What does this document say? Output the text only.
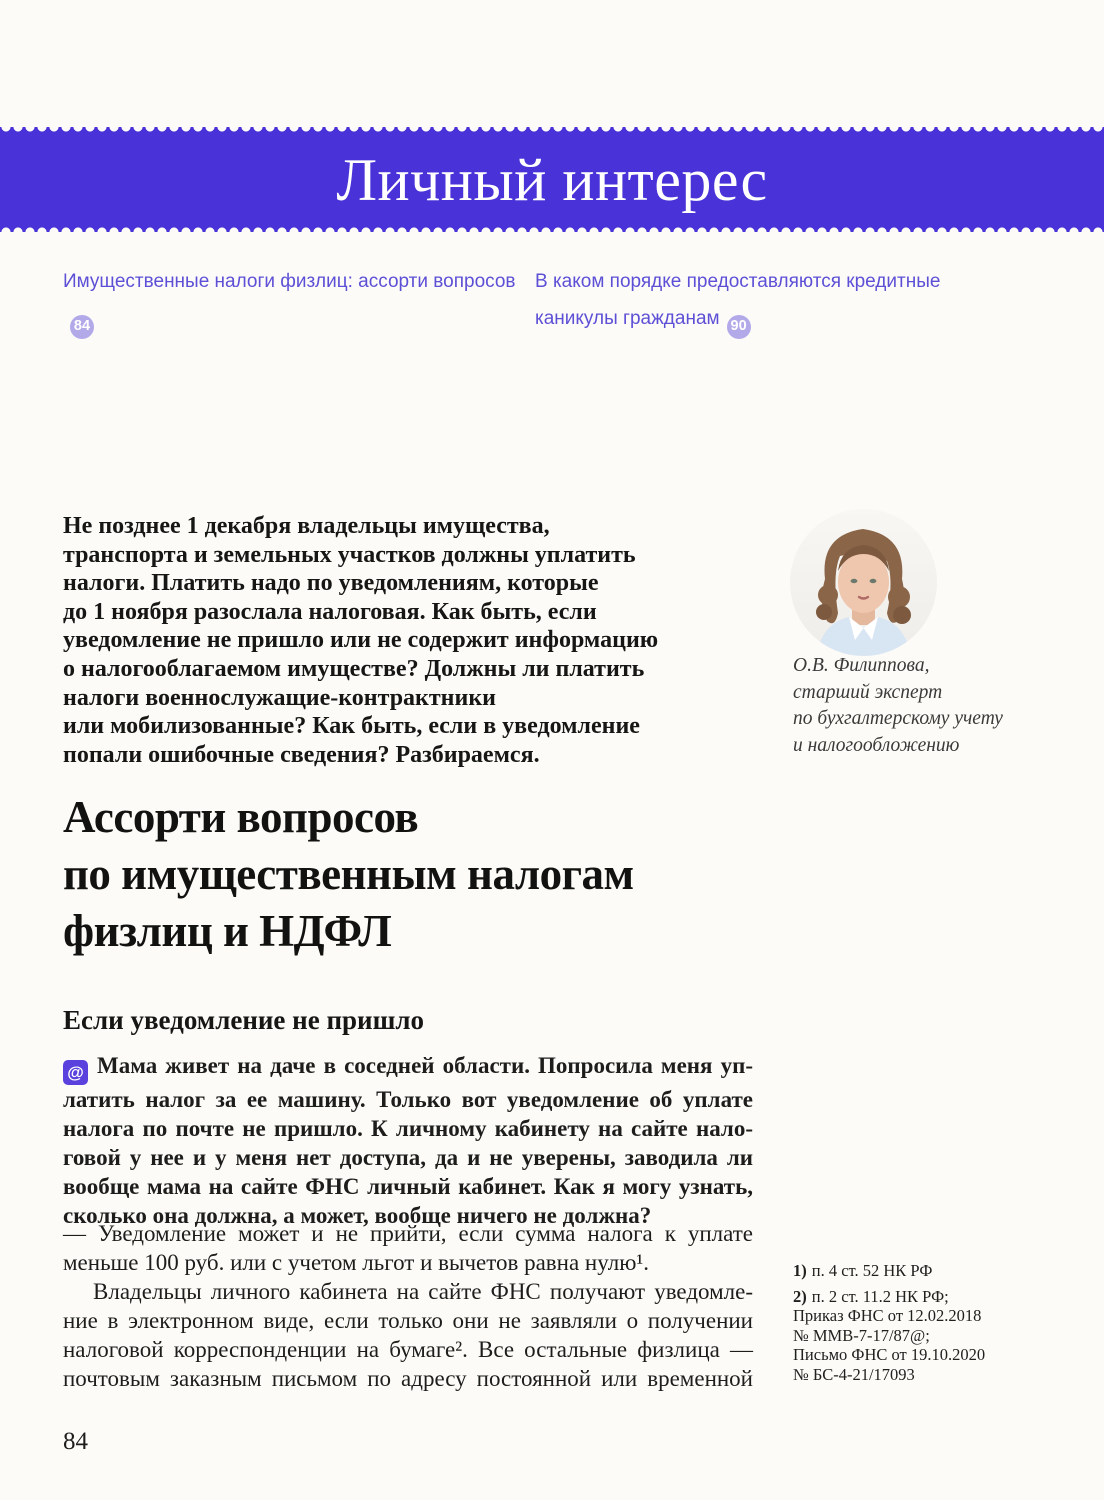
Личный интерес
Имущественные налоги физлиц: ассорти вопросов84
В каком порядке предоставляются кредитные каникулы гражданам 90
Не позднее 1 декабря владельцы имущества,
транспорта и земельных участков должны уплатить
налоги. Платить надо по уведомлениям, которые
до 1 ноября разослала налоговая. Как быть, если
уведомление не пришло или не содержит информацию
о налогооблагаемом имуществе? Должны ли платить
налоги военнослужащие-контрактники
или мобилизованные? Как быть, если в уведомление
попали ошибочные сведения? Разбираемся.
О.В. Филиппова,
старший эксперт
по бухгалтерскому учету
и налогообложению
Ассорти вопросов
по имущественным налогам
физлиц и НДФЛ
Если уведомление не пришло
@ Мама живет на даче в соседней области. Попросила меня уп-
латить налог за ее машину. Только вот уведомление об уплате
налога по почте не пришло. К личному кабинету на сайте нало-
говой у нее и у меня нет доступа, да и не уверены, заводила ли
вообще мама на сайте ФНС личный кабинет. Как я могу узнать,
сколько она должна, а может, вообще ничего не должна?
— Уведомление может и не прийти, если сумма налога к уплате
меньше 100 руб. или с учетом льгот и вычетов равна нулю¹.
Владельцы личного кабинета на сайте ФНС получают уведомле-
ние в электронном виде, если только они не заявляли о получении
налоговой корреспонденции на бумаге². Все остальные физлица —
почтовым заказным письмом по адресу постоянной или временной
1) п. 4 ст. 52 НК РФ
2) п. 2 ст. 11.2 НК РФ;
Приказ ФНС от 12.02.2018
№ ММВ-7-17/87@;
Письмо ФНС от 19.10.2020
№ БС-4-21/17093
84
